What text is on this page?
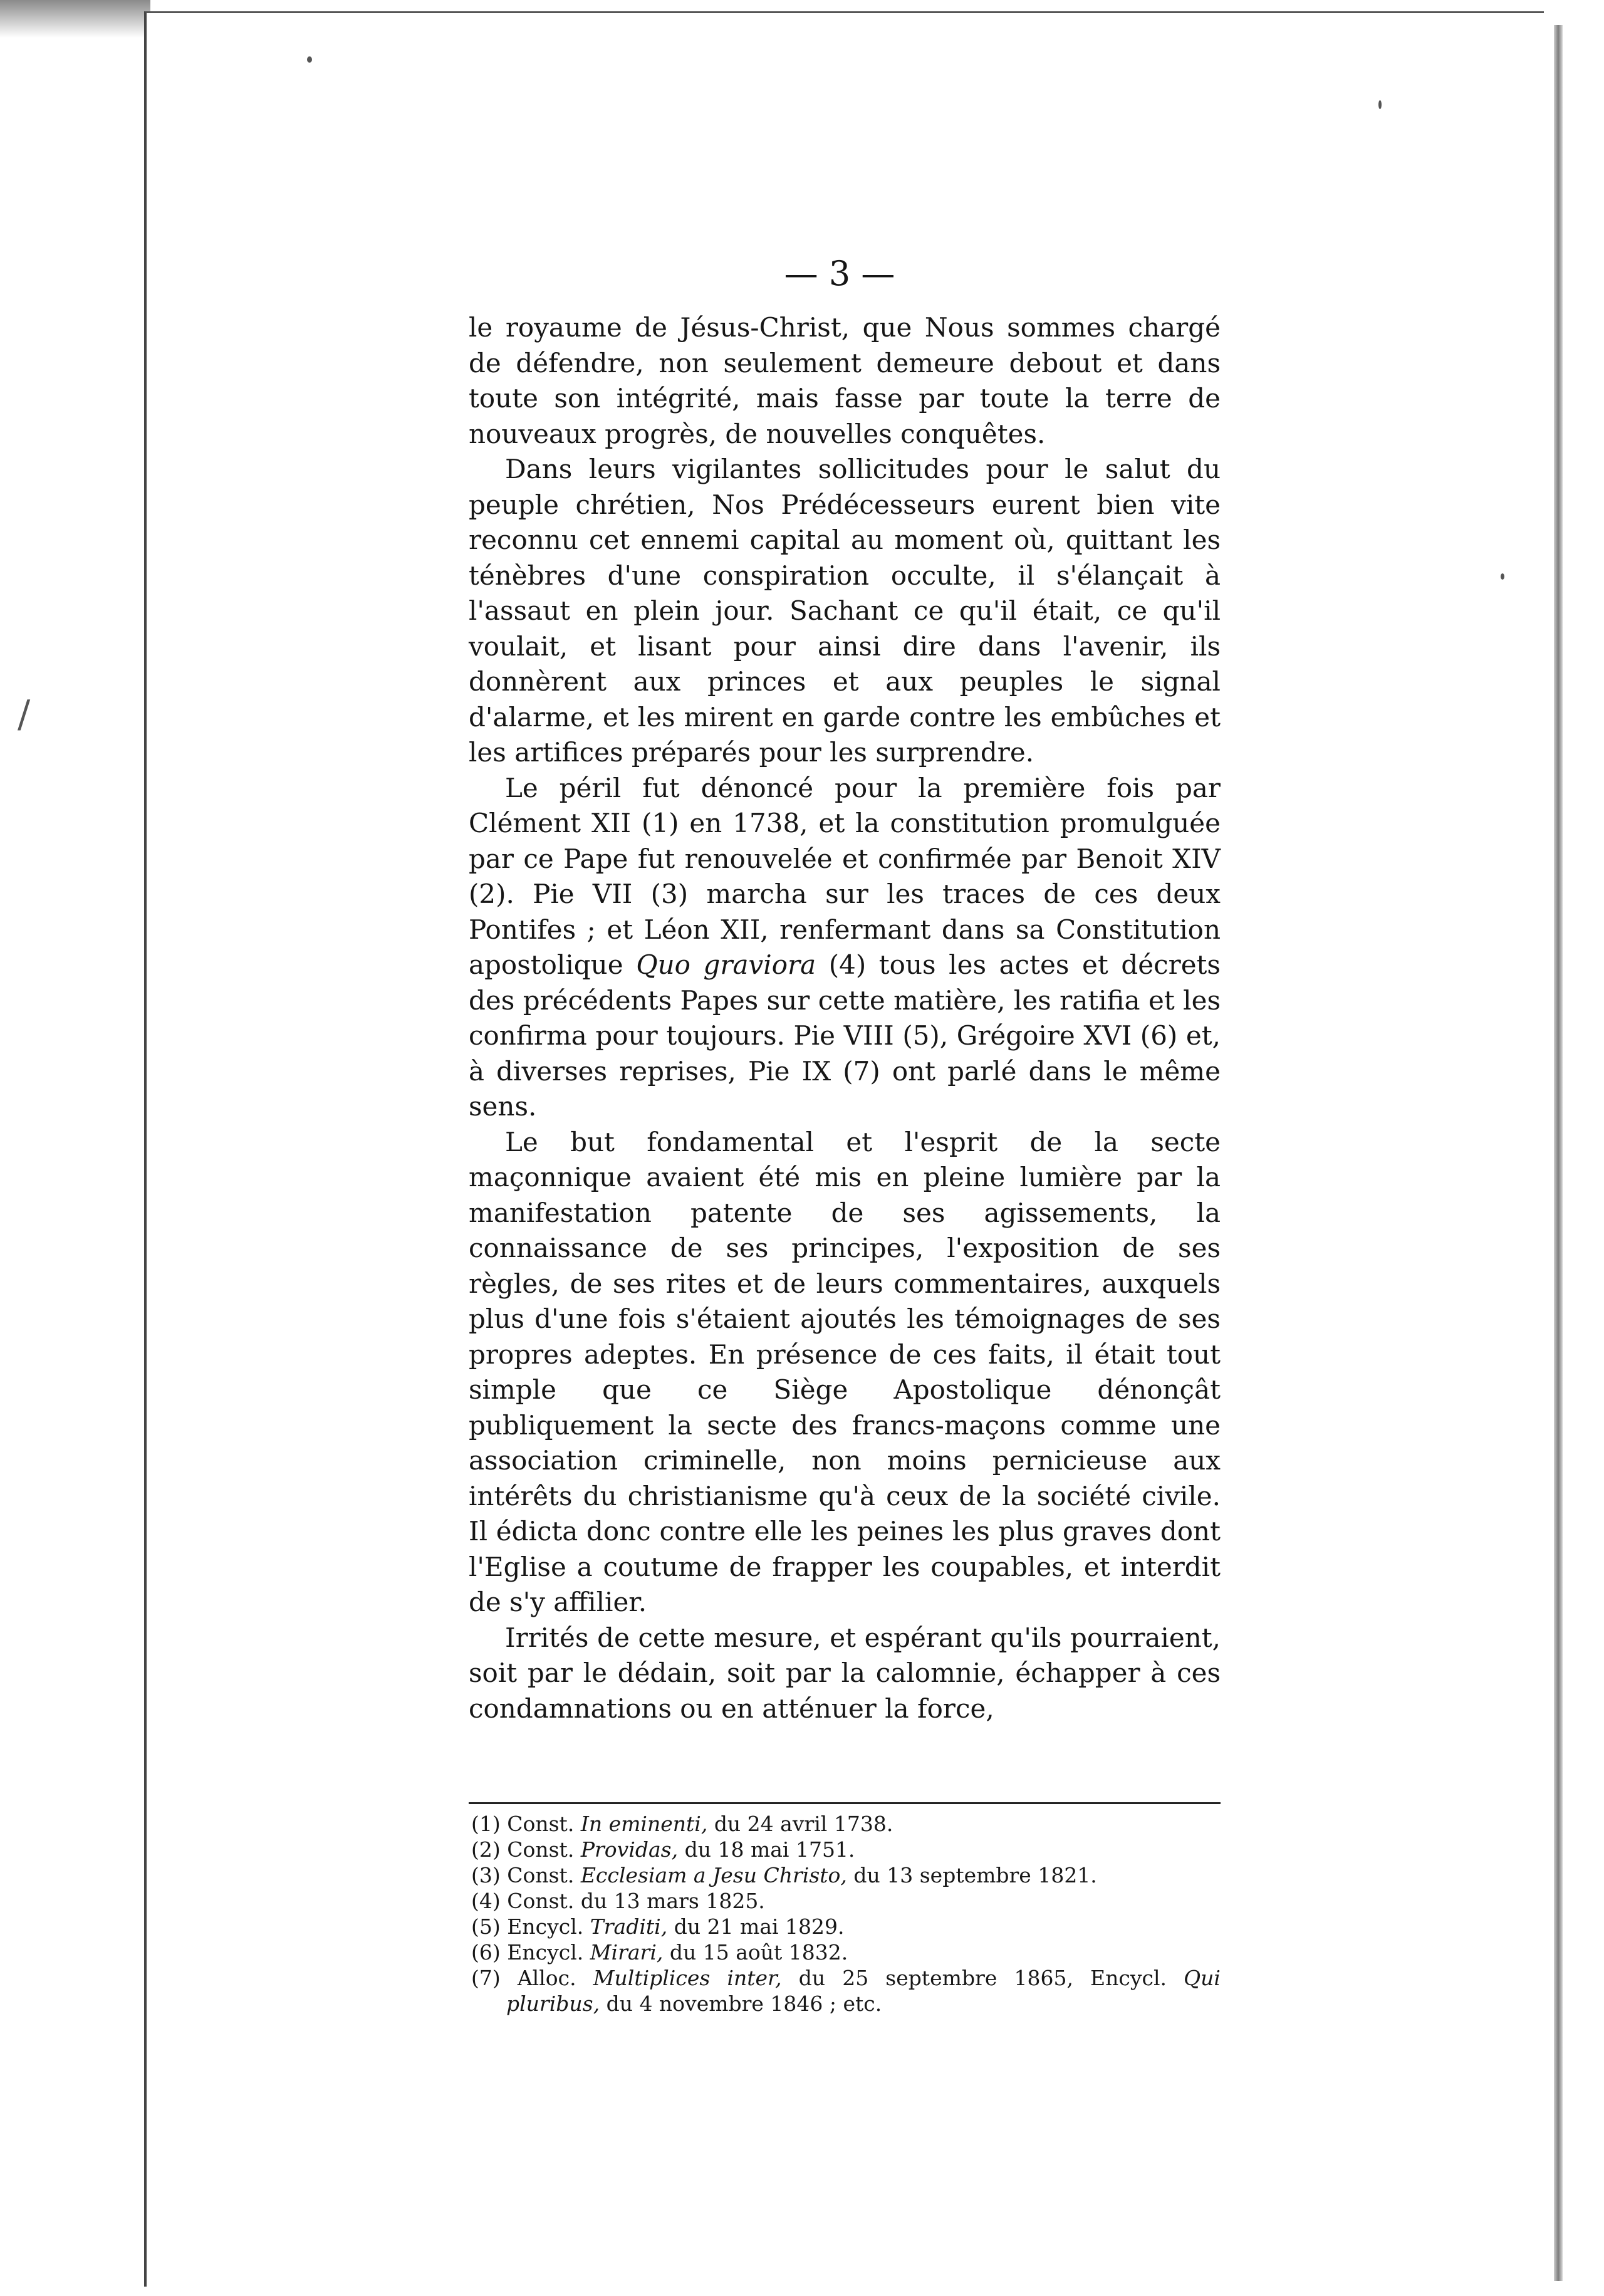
/
— 3 —

le royaume de Jésus-Christ, que Nous sommes chargé de défendre, non seulement demeure debout et dans toute son intégrité, mais fasse par toute la terre de nouveaux progrès, de nouvelles conquêtes.

Dans leurs vigilantes sollicitudes pour le salut du peuple chrétien, Nos Prédécesseurs eurent bien vite reconnu cet ennemi capital au moment où, quittant les ténèbres d'une conspiration occulte, il s'élançait à l'assaut en plein jour. Sachant ce qu'il était, ce qu'il voulait, et lisant pour ainsi dire dans l'avenir, ils donnèrent aux princes et aux peuples le signal d'alarme, et les mirent en garde contre les embûches et les artifices préparés pour les surprendre.

Le péril fut dénoncé pour la première fois par Clément XII (1) en 1738, et la constitution promulguée par ce Pape fut renouvelée et confirmée par Benoit XIV (2). Pie VII (3) marcha sur les traces de ces deux Pontifes ; et Léon XII, renfermant dans sa Constitution apostolique Quo graviora (4) tous les actes et décrets des précédents Papes sur cette matière, les ratifia et les confirma pour toujours. Pie VIII (5), Grégoire XVI (6) et, à diverses reprises, Pie IX (7) ont parlé dans le même sens.

Le but fondamental et l'esprit de la secte maçonnique avaient été mis en pleine lumière par la manifestation patente de ses agissements, la connaissance de ses principes, l'exposition de ses règles, de ses rites et de leurs commentaires, auxquels plus d'une fois s'étaient ajoutés les témoignages de ses propres adeptes. En présence de ces faits, il était tout simple que ce Siège Apostolique dénonçât publiquement la secte des francs-maçons comme une association criminelle, non moins pernicieuse aux intérêts du christianisme qu'à ceux de la société civile. Il édicta donc contre elle les peines les plus graves dont l'Eglise a coutume de frapper les coupables, et interdit de s'y affilier.

Irrités de cette mesure, et espérant qu'ils pourraient, soit par le dédain, soit par la calomnie, échapper à ces condamnations ou en atténuer la force,

(1) Const. In eminenti, du 24 avril 1738.

(2) Const. Providas, du 18 mai 1751.

(3) Const. Ecclesiam a Jesu Christo, du 13 septembre 1821.

(4) Const. du 13 mars 1825.

(5) Encycl. Traditi, du 21 mai 1829.

(6) Encycl. Mirari, du 15 août 1832.

(7) Alloc. Multiplices inter, du 25 septembre 1865, Encycl. Qui pluribus, du 4 novembre 1846 ; etc.
